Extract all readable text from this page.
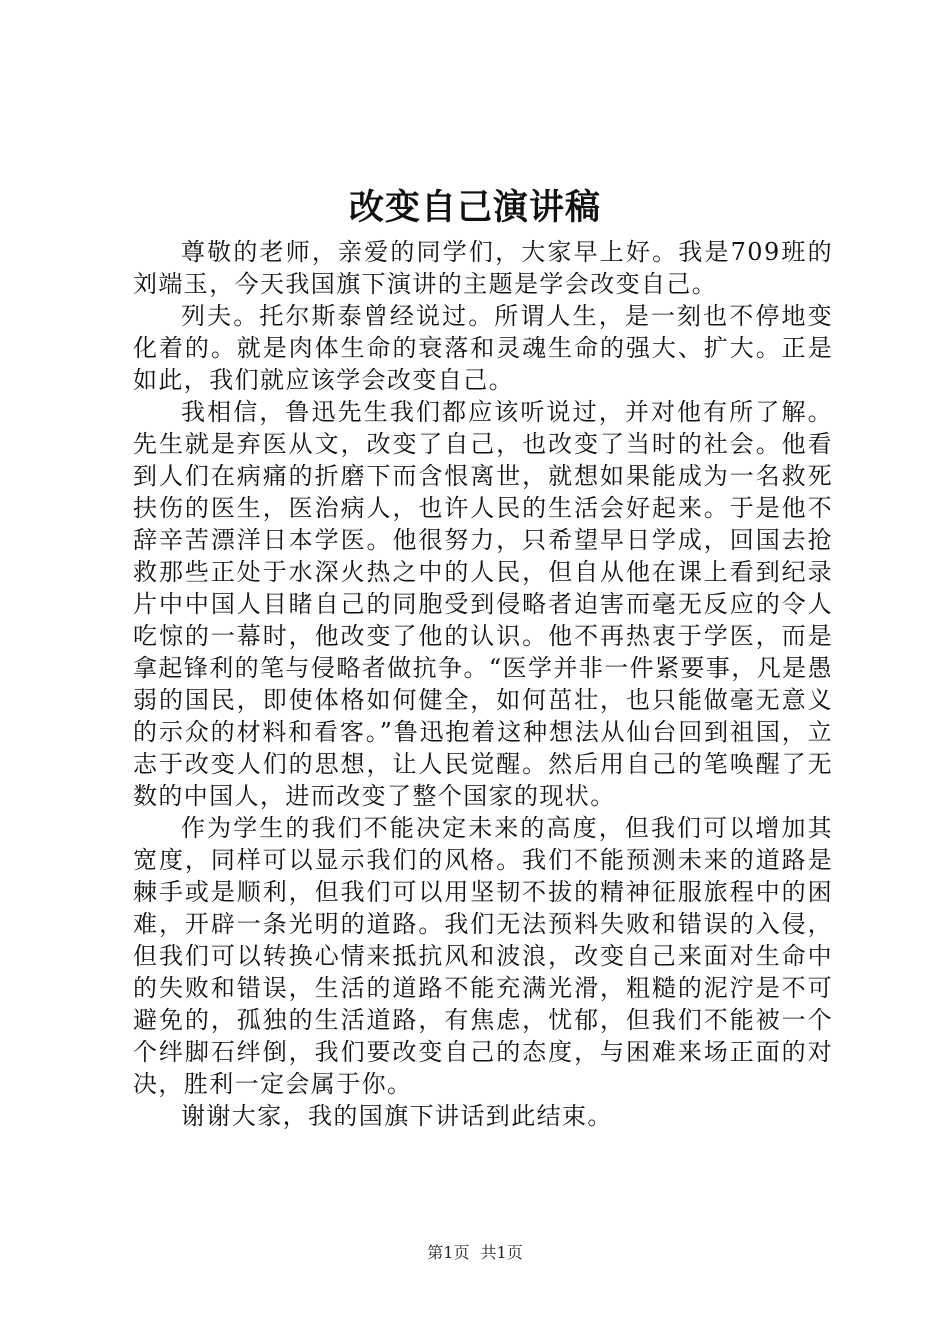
改变自己演讲稿

尊敬的老师，亲爱的同学们，大家早上好。我是709班的刘端玉，今天我国旗下演讲的主题是学会改变自己。

列夫。托尔斯泰曾经说过。所谓人生，是一刻也不停地变化着的。就是肉体生命的衰落和灵魂生命的强大、扩大。正是如此，我们就应该学会改变自己。

我相信，鲁迅先生我们都应该听说过，并对他有所了解。先生就是弃医从文，改变了自己，也改变了当时的社会。他看到人们在病痛的折磨下而含恨离世，就想如果能成为一名救死扶伤的医生，医治病人，也许人民的生活会好起来。于是他不辞辛苦漂洋日本学医。他很努力，只希望早日学成，回国去抢救那些正处于水深火热之中的人民，但自从他在课上看到纪录片中中国人目睹自己的同胞受到侵略者迫害而毫无反应的令人吃惊的一幕时，他改变了他的认识。他不再热衷于学医，而是拿起锋利的笔与侵略者做抗争。“医学并非一件紧要事，凡是愚弱的国民，即使体格如何健全，如何茁壮，也只能做毫无意义的示众的材料和看客。”鲁迅抱着这种想法从仙台回到祖国，立志于改变人们的思想，让人民觉醒。然后用自己的笔唤醒了无数的中国人，进而改变了整个国家的现状。

作为学生的我们不能决定未来的高度，但我们可以增加其宽度，同样可以显示我们的风格。我们不能预测未来的道路是棘手或是顺利，但我们可以用坚韧不拔的精神征服旅程中的困难，开辟一条光明的道路。我们无法预料失败和错误的入侵，但我们可以转换心情来抵抗风和波浪，改变自己来面对生命中的失败和错误，生活的道路不能充满光滑，粗糙的泥泞是不可避免的，孤独的生活道路，有焦虑，忧郁，但我们不能被一个个绊脚石绊倒，我们要改变自己的态度，与困难来场正面的对决，胜利一定会属于你。

谢谢大家，我的国旗下讲话到此结束。

第1页 共1页
